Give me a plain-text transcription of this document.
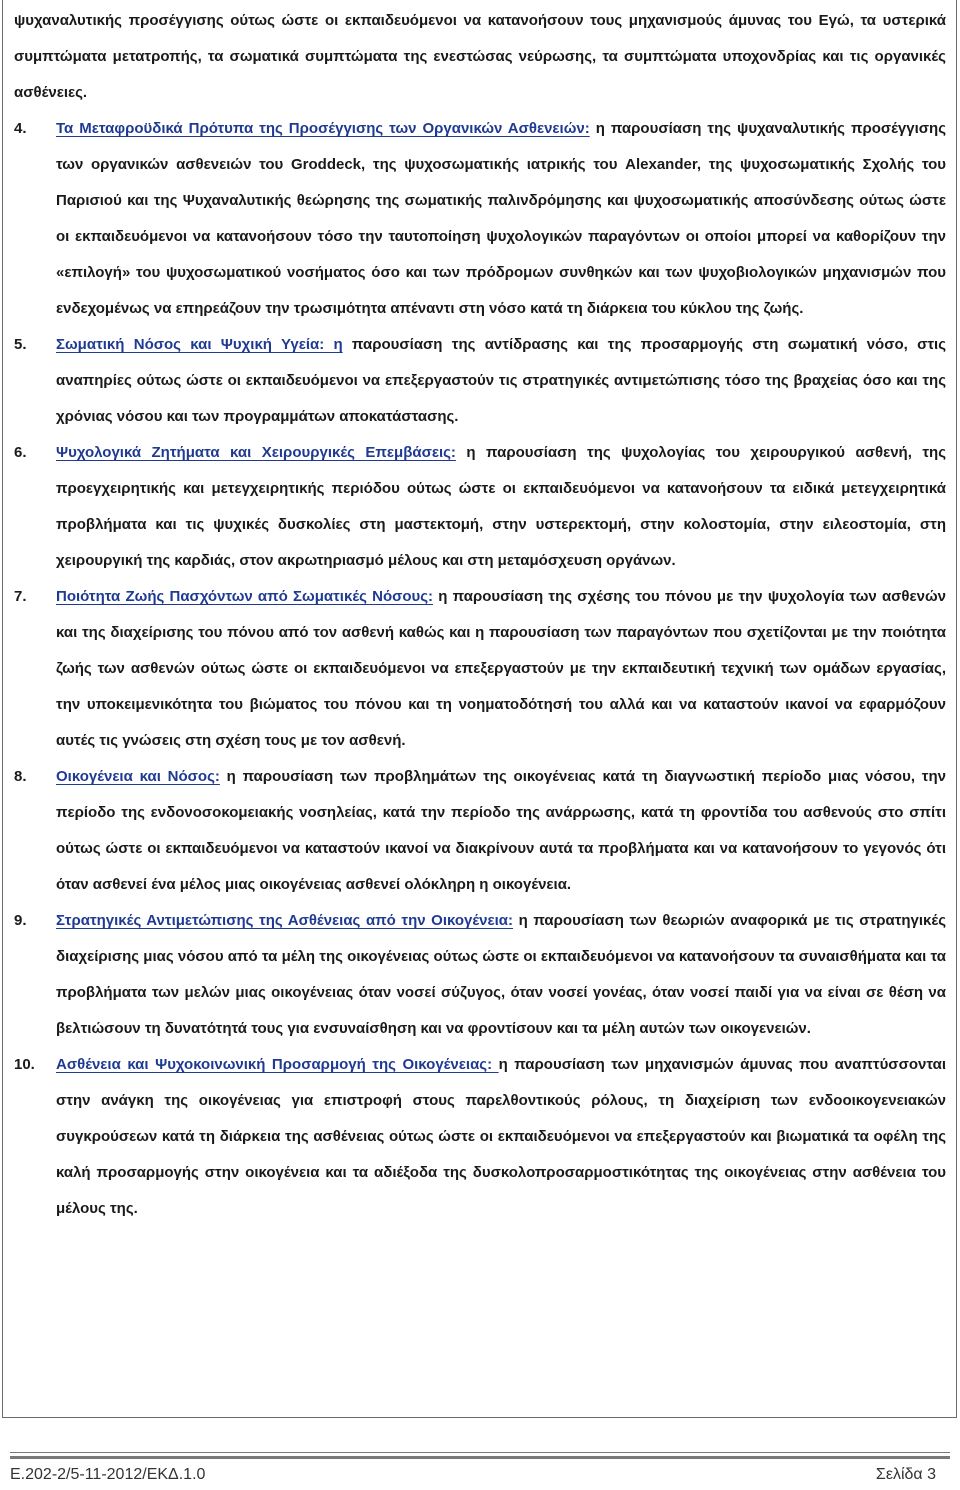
ψυχαναλυτικής προσέγγισης ούτως ώστε οι εκπαιδευόμενοι να κατανοήσουν τους μηχανισμούς άμυνας του Εγώ, τα υστερικά συμπτώματα μετατροπής, τα σωματικά συμπτώματα της ενεστώσας νεύρωσης, τα συμπτώματα υποχονδρίας και τις οργανικές ασθένειες.

4. Τα Μεταφροϋδικά Πρότυπα της Προσέγγισης των Οργανικών Ασθενειών: η παρουσίαση της ψυχαναλυτικής προσέγγισης των οργανικών ασθενειών του Groddeck, της ψυχοσωματικής ιατρικής του Alexander, της ψυχοσωματικής Σχολής του Παρισιού και της Ψυχαναλυτικής θεώρησης της σωματικής παλινδρόμησης και ψυχοσωματικής αποσύνδεσης ούτως ώστε οι εκπαιδευόμενοι να κατανοήσουν τόσο την ταυτοποίηση ψυχολογικών παραγόντων οι οποίοι μπορεί να καθορίζουν την «επιλογή» του ψυχοσωματικού νοσήματος όσο και των πρόδρομων συνθηκών και των ψυχοβιολογικών μηχανισμών που ενδεχομένως να επηρεάζουν την τρωσιμότητα απέναντι στη νόσο κατά τη διάρκεια του κύκλου της ζωής.

5. Σωματική Νόσος και Ψυχική Υγεία: η παρουσίαση της αντίδρασης και της προσαρμογής στη σωματική νόσο, στις αναπηρίες ούτως ώστε οι εκπαιδευόμενοι να επεξεργαστούν τις στρατηγικές αντιμετώπισης τόσο της βραχείας όσο και της χρόνιας νόσου και των προγραμμάτων αποκατάστασης.

6. Ψυχολογικά Ζητήματα και Χειρουργικές Επεμβάσεις: η παρουσίαση της ψυχολογίας του χειρουργικού ασθενή, της προεγχειρητικής και μετεγχειρητικής περιόδου ούτως ώστε οι εκπαιδευόμενοι να κατανοήσουν τα ειδικά μετεγχειρητικά προβλήματα και τις ψυχικές δυσκολίες στη μαστεκτομή, στην υστερεκτομή, στην κολοστομία, στην ειλεοστομία, στη χειρουργική της καρδιάς, στον ακρωτηριασμό μέλους και στη μεταμόσχευση οργάνων.

7. Ποιότητα Ζωής Πασχόντων από Σωματικές Νόσους: η παρουσίαση της σχέσης του πόνου με την ψυχολογία των ασθενών και της διαχείρισης του πόνου από τον ασθενή καθώς και η παρουσίαση των παραγόντων που σχετίζονται με την ποιότητα ζωής των ασθενών ούτως ώστε οι εκπαιδευόμενοι να επεξεργαστούν με την εκπαιδευτική τεχνική των ομάδων εργασίας, την υποκειμενικότητα του βιώματος του πόνου και τη νοηματοδότησή του αλλά και να καταστούν ικανοί να εφαρμόζουν αυτές τις γνώσεις στη σχέση τους με τον ασθενή.

8. Οικογένεια και Νόσος: η παρουσίαση των προβλημάτων της οικογένειας κατά τη διαγνωστική περίοδο μιας νόσου, την περίοδο της ενδονοσοκομειακής νοσηλείας, κατά την περίοδο της ανάρρωσης, κατά τη φροντίδα του ασθενούς στο σπίτι ούτως ώστε οι εκπαιδευόμενοι να καταστούν ικανοί να διακρίνουν αυτά τα προβλήματα και να κατανοήσουν το γεγονός ότι όταν ασθενεί ένα μέλος μιας οικογένειας ασθενεί ολόκληρη η οικογένεια.

9. Στρατηγικές Αντιμετώπισης της Ασθένειας από την Οικογένεια: η παρουσίαση των θεωριών αναφορικά με τις στρατηγικές διαχείρισης μιας νόσου από τα μέλη της οικογένειας ούτως ώστε οι εκπαιδευόμενοι να κατανοήσουν τα συναισθήματα και τα προβλήματα των μελών μιας οικογένειας όταν νοσεί σύζυγος, όταν νοσεί γονέας, όταν νοσεί παιδί για να είναι σε θέση να βελτιώσουν τη δυνατότητά τους για ενσυναίσθηση και να φροντίσουν και τα μέλη αυτών των οικογενειών.

10. Ασθένεια και Ψυχοκοινωνική Προσαρμογή της Οικογένειας: η παρουσίαση των μηχανισμών άμυνας που αναπτύσσονται στην ανάγκη της οικογένειας για επιστροφή στους παρελθοντικούς ρόλους, τη διαχείριση των ενδοοικογενειακών συγκρούσεων κατά τη διάρκεια της ασθένειας ούτως ώστε οι εκπαιδευόμενοι να επεξεργαστούν και βιωματικά τα οφέλη της καλή προσαρμογής στην οικογένεια και τα αδιέξοδα της δυσκολοπροσαρμοστικότητας της οικογένειας στην ασθένεια του μέλους της.

Ε.202-2/5-11-2012/ΕΚΔ.1.0	Σελίδα 3
